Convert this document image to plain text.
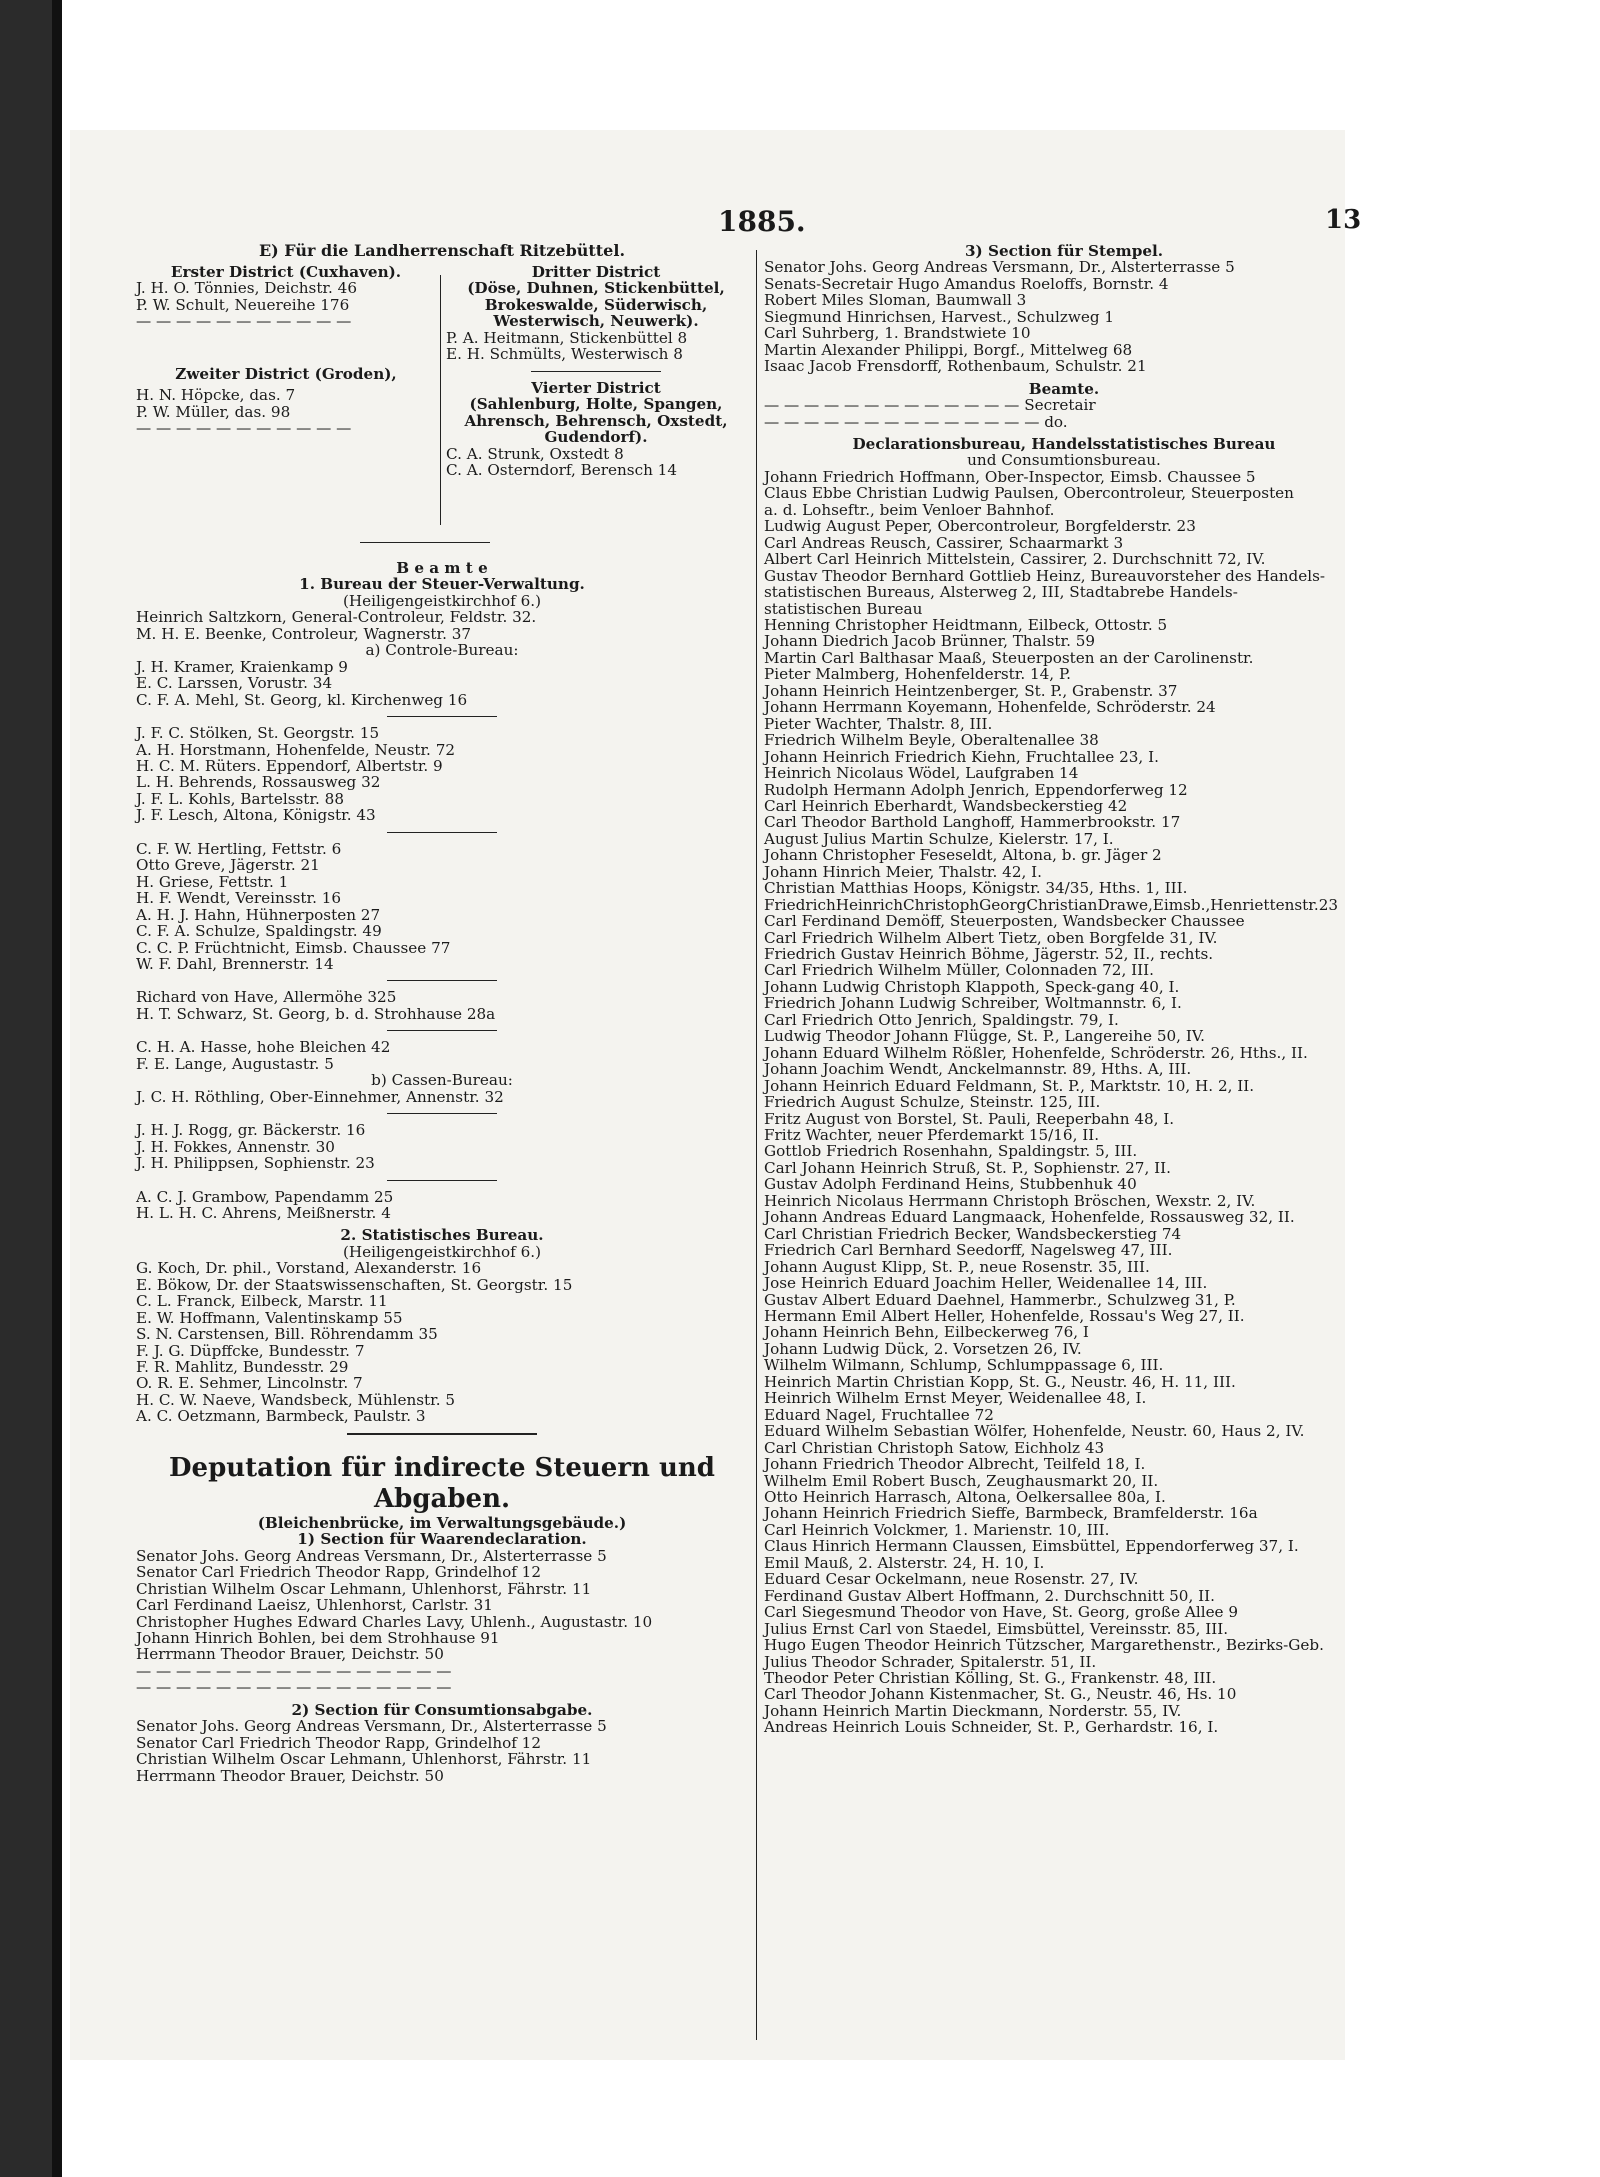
1885.	13
E) Für die Landherrenschaft Ritzebüttel.
Erster District (Cuxhaven).
J. H. O. Tönnies, Deichstr. 46
P. W. Schult, Neuereihe 176
— — — — — — — — — — —
Zweiter District (Groden),
H. N. Höpcke, das. 7
P. W. Müller, das. 98
— — — — — — — — — — —
Dritter District
(Döse, Duhnen, Stickenbüttel,
Brokeswalde, Süderwisch,
Westerwisch, Neuwerk).
P. A. Heitmann, Stickenbüttel 8
E. H. Schmülts, Westerwisch 8
Vierter District
(Sahlenburg, Holte, Spangen,
Ahrensch, Behrensch, Oxstedt,
Gudendorf).
C. A. Strunk, Oxstedt 8
C. A. Osterndorf, Berensch 14
B e a m t e
1. Bureau der Steuer-Verwaltung.
(Heiligengeistkirchhof 6.)
Heinrich Saltzkorn, General-Controleur, Feldstr. 32.
M. H. E. Beenke, Controleur, Wagnerstr. 37
a) Controle-Bureau:
J. H. Kramer, Kraienkamp 9
E. C. Larssen, Vorustr. 34
C. F. A. Mehl, St. Georg, kl. Kirchenweg 16
J. F. C. Stölken, St. Georgstr. 15
A. H. Horstmann, Hohenfelde, Neustr. 72
H. C. M. Rüters. Eppendorf, Albertstr. 9
L. H. Behrends, Rossausweg 32
J. F. L. Kohls, Bartelsstr. 88
J. F. Lesch, Altona, Königstr. 43
C. F. W. Hertling, Fettstr. 6
Otto Greve, Jägerstr. 21
H. Griese, Fettstr. 1
H. F. Wendt, Vereinsstr. 16
A. H. J. Hahn, Hühnerposten 27
C. F. A. Schulze, Spaldingstr. 49
C. C. P. Früchtnicht, Eimsb. Chaussee 77
W. F. Dahl, Brennerstr. 14
Richard von Have, Allermöhe 325
H. T. Schwarz, St. Georg, b. d. Strohhause 28a
C. H. A. Hasse, hohe Bleichen 42
F. E. Lange, Augustastr. 5
b) Cassen-Bureau:
J. C. H. Röthling, Ober-Einnehmer, Annenstr. 32
J. H. J. Rogg, gr. Bäckerstr. 16
J. H. Fokkes, Annenstr. 30
J. H. Philippsen, Sophienstr. 23
A. C. J. Grambow, Papendamm 25
H. L. H. C. Ahrens, Meißnerstr. 4
2. Statistisches Bureau.
(Heiligengeistkirchhof 6.)
G. Koch, Dr. phil., Vorstand, Alexanderstr. 16
E. Bökow, Dr. der Staatswissenschaften, St. Georgstr. 15
C. L. Franck, Eilbeck, Marstr. 11
E. W. Hoffmann, Valentinskamp 55
S. N. Carstensen, Bill. Röhrendamm 35
F. J. G. Düpffcke, Bundesstr. 7
F. R. Mahlitz, Bundesstr. 29
O. R. E. Sehmer, Lincolnstr. 7
H. C. W. Naeve, Wandsbeck, Mühlenstr. 5
A. C. Oetzmann, Barmbeck, Paulstr. 3
Deputation für indirecte Steuern und
Abgaben.
(Bleichenbrücke, im Verwaltungsgebäude.)
1) Section für Waarendeclaration.
Senator Johs. Georg Andreas Versmann, Dr., Alsterterrasse 5
Senator Carl Friedrich Theodor Rapp, Grindelhof 12
Christian Wilhelm Oscar Lehmann, Uhlenhorst, Fährstr. 11
Carl Ferdinand Laeisz, Uhlenhorst, Carlstr. 31
Christopher Hughes Edward Charles Lavy, Uhlenh., Augustastr. 10
Johann Hinrich Bohlen, bei dem Strohhause 91
Herrmann Theodor Brauer, Deichstr. 50
— — — — — — — — — — — — — — — —
— — — — — — — — — — — — — — — —
2) Section für Consumtionsabgabe.
Senator Johs. Georg Andreas Versmann, Dr., Alsterterrasse 5
Senator Carl Friedrich Theodor Rapp, Grindelhof 12
Christian Wilhelm Oscar Lehmann, Uhlenhorst, Fährstr. 11
Herrmann Theodor Brauer, Deichstr. 50
3) Section für Stempel.
Senator Johs. Georg Andreas Versmann, Dr., Alsterterrasse 5
Senats-Secretair Hugo Amandus Roeloffs, Bornstr. 4
Robert Miles Sloman, Baumwall 3
Siegmund Hinrichsen, Harvest., Schulzweg 1
Carl Suhrberg, 1. Brandstwiete 10
Martin Alexander Philippi, Borgf., Mittelweg 68
Isaac Jacob Frensdorff, Rothenbaum, Schulstr. 21
Beamte.
— — — — — — — — — — — — — Secretair
— — — — — — — — — — — — — — do.
Declarationsbureau, Handelsstatistisches Bureau
und Consumtionsbureau.
Johann Friedrich Hoffmann, Ober-Inspector, Eimsb. Chaussee 5
Claus Ebbe Christian Ludwig Paulsen, Obercontroleur, Steuerposten
a. d. Lohseftr., beim Venloer Bahnhof.
Ludwig August Peper, Obercontroleur, Borgfelderstr. 23
Carl Andreas Reusch, Cassirer, Schaarmarkt 3
Albert Carl Heinrich Mittelstein, Cassirer, 2. Durchschnitt 72, IV.
Gustav Theodor Bernhard Gottlieb Heinz, Bureauvorsteher des Handels-
statistischen Bureaus, Alsterweg 2, III, Stadtabrebe Handels-
statistischen Bureau
Henning Christopher Heidtmann, Eilbeck, Ottostr. 5
Johann Diedrich Jacob Brünner, Thalstr. 59
Martin Carl Balthasar Maaß, Steuerposten an der Carolinenstr.
Pieter Malmberg, Hohenfelderstr. 14, P.
Johann Heinrich Heintzenberger, St. P., Grabenstr. 37
Johann Herrmann Koyemann, Hohenfelde, Schröderstr. 24
Pieter Wachter, Thalstr. 8, III.
Friedrich Wilhelm Beyle, Oberaltenallee 38
Johann Heinrich Friedrich Kiehn, Fruchtallee 23, I.
Heinrich Nicolaus Wödel, Laufgraben 14
Rudolph Hermann Adolph Jenrich, Eppendorferweg 12
Carl Heinrich Eberhardt, Wandsbeckerstieg 42
Carl Theodor Barthold Langhoff, Hammerbrookstr. 17
August Julius Martin Schulze, Kielerstr. 17, I.
Johann Christopher Feseseldt, Altona, b. gr. Jäger 2
Johann Hinrich Meier, Thalstr. 42, I.
Christian Matthias Hoops, Königstr. 34/35, Hths. 1, III.
FriedrichHeinrichChristophGeorgChristianDrawe,Eimsb.,Henriettenstr.23
Carl Ferdinand Demöff, Steuerposten, Wandsbecker Chaussee
Carl Friedrich Wilhelm Albert Tietz, oben Borgfelde 31, IV.
Friedrich Gustav Heinrich Böhme, Jägerstr. 52, II., rechts.
Carl Friedrich Wilhelm Müller, Colonnaden 72, III.
Johann Ludwig Christoph Klappoth, Speck-gang 40, I.
Friedrich Johann Ludwig Schreiber, Woltmannstr. 6, I.
Carl Friedrich Otto Jenrich, Spaldingstr. 79, I.
Ludwig Theodor Johann Flügge, St. P., Langereihe 50, IV.
Johann Eduard Wilhelm Rößler, Hohenfelde, Schröderstr. 26, Hths., II.
Johann Joachim Wendt, Anckelmannstr. 89, Hths. A, III.
Johann Heinrich Eduard Feldmann, St. P., Marktstr. 10, H. 2, II.
Friedrich August Schulze, Steinstr. 125, III.
Fritz August von Borstel, St. Pauli, Reeperbahn 48, I.
Fritz Wachter, neuer Pferdemarkt 15/16, II.
Gottlob Friedrich Rosenhahn, Spaldingstr. 5, III.
Carl Johann Heinrich Struß, St. P., Sophienstr. 27, II.
Gustav Adolph Ferdinand Heins, Stubbenhuk 40
Heinrich Nicolaus Herrmann Christoph Bröschen, Wexstr. 2, IV.
Johann Andreas Eduard Langmaack, Hohenfelde, Rossausweg 32, II.
Carl Christian Friedrich Becker, Wandsbeckerstieg 74
Friedrich Carl Bernhard Seedorff, Nagelsweg 47, III.
Johann August Klipp, St. P., neue Rosenstr. 35, III.
Jose Heinrich Eduard Joachim Heller, Weidenallee 14, III.
Gustav Albert Eduard Daehnel, Hammerbr., Schulzweg 31, P.
Hermann Emil Albert Heller, Hohenfelde, Rossau's Weg 27, II.
Johann Heinrich Behn, Eilbeckerweg 76, I
Johann Ludwig Dück, 2. Vorsetzen 26, IV.
Wilhelm Wilmann, Schlump, Schlumppassage 6, III.
Heinrich Martin Christian Kopp, St. G., Neustr. 46, H. 11, III.
Heinrich Wilhelm Ernst Meyer, Weidenallee 48, I.
Eduard Nagel, Fruchtallee 72
Eduard Wilhelm Sebastian Wölfer, Hohenfelde, Neustr. 60, Haus 2, IV.
Carl Christian Christoph Satow, Eichholz 43
Johann Friedrich Theodor Albrecht, Teilfeld 18, I.
Wilhelm Emil Robert Busch, Zeughausmarkt 20, II.
Otto Heinrich Harrasch, Altona, Oelkersallee 80a, I.
Johann Heinrich Friedrich Sieffe, Barmbeck, Bramfelderstr. 16a
Carl Heinrich Volckmer, 1. Marienstr. 10, III.
Claus Hinrich Hermann Claussen, Eimsbüttel, Eppendorferweg 37, I.
Emil Mauß, 2. Alsterstr. 24, H. 10, I.
Eduard Cesar Ockelmann, neue Rosenstr. 27, IV.
Ferdinand Gustav Albert Hoffmann, 2. Durchschnitt 50, II.
Carl Siegesmund Theodor von Have, St. Georg, große Allee 9
Julius Ernst Carl von Staedel, Eimsbüttel, Vereinsstr. 85, III.
Hugo Eugen Theodor Heinrich Tützscher, Margarethenstr., Bezirks-Geb.
Julius Theodor Schrader, Spitalerstr. 51, II.
Theodor Peter Christian Kölling, St. G., Frankenstr. 48, III.
Carl Theodor Johann Kistenmacher, St. G., Neustr. 46, Hs. 10
Johann Heinrich Martin Dieckmann, Norderstr. 55, IV.
Andreas Heinrich Louis Schneider, St. P., Gerhardstr. 16, I.
